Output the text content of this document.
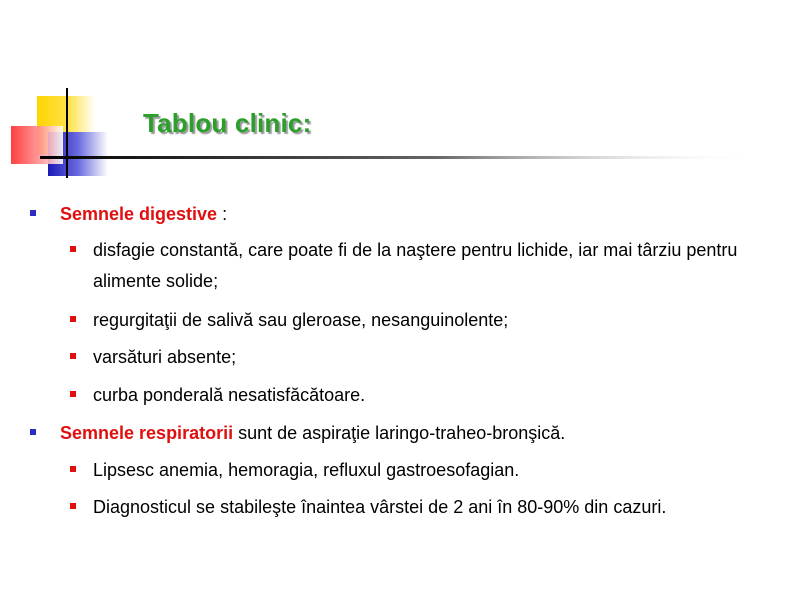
Tablou clinic:
Semnele digestive :
disfagie constantă, care poate fi de la naştere pentru lichide, iar mai târziu pentru alimente solide;
regurgitaţii de salivă sau gleroase, nesanguinolente;
varsături absente;
curba ponderală nesatisfăcătoare.
Semnele respiratorii sunt de aspiraţie laringo-traheo-bronşică.
Lipsesc anemia, hemoragia, refluxul gastroesofagian.
Diagnosticul se stabileşte înaintea vârstei de 2 ani în 80-90% din cazuri.
